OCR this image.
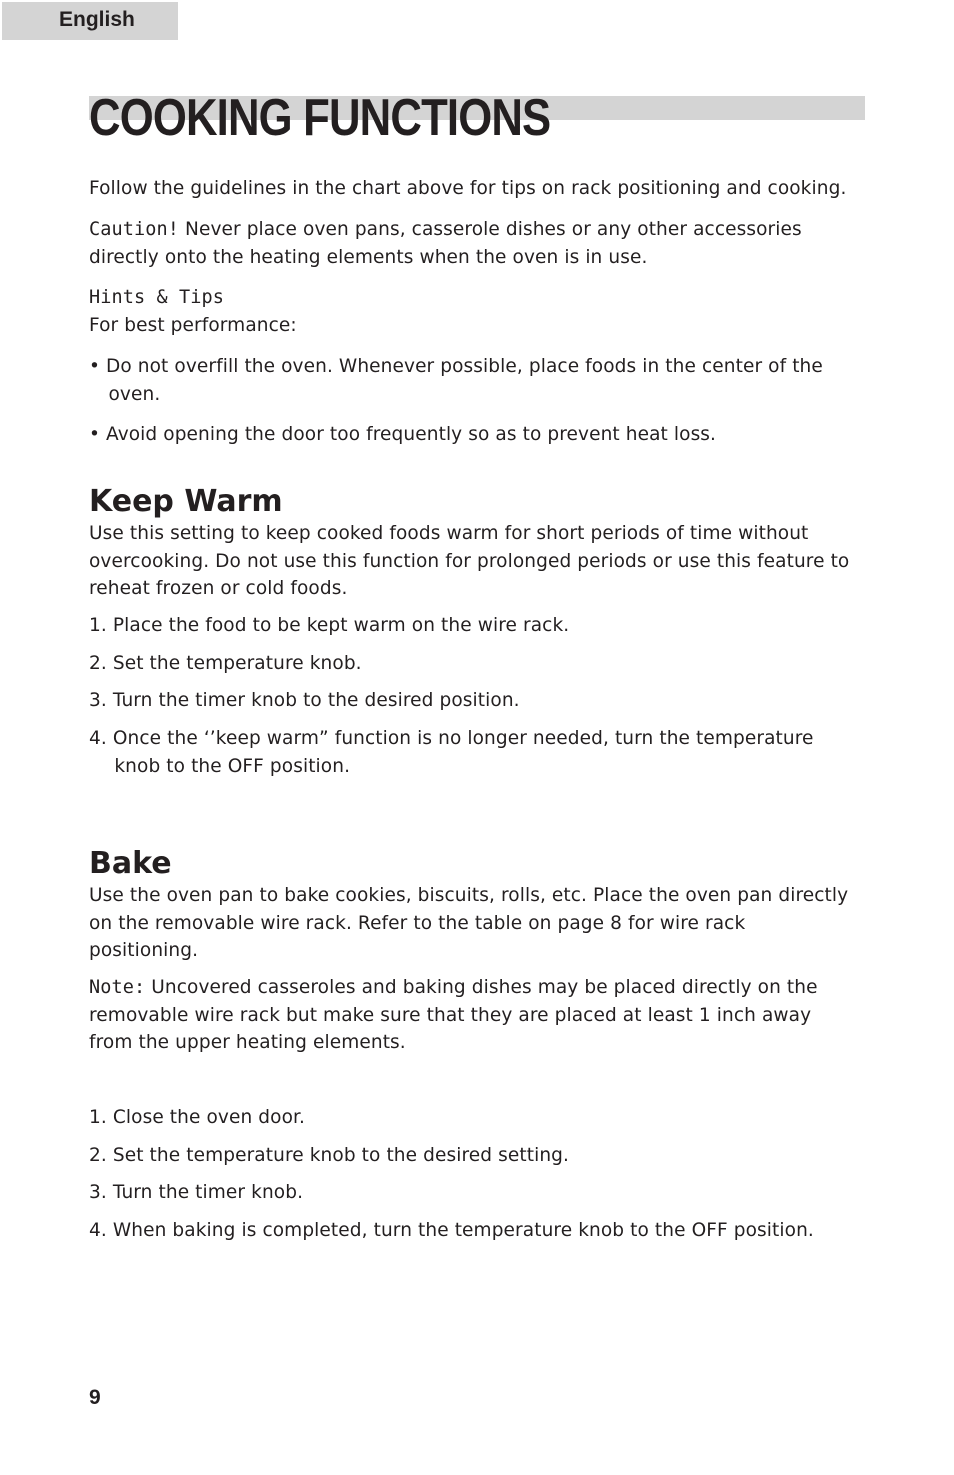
English
COOKING FUNCTIONS

Follow the guidelines in the chart above for tips on rack positioning and cooking.

Caution! Never place oven pans, casserole dishes or any other accessories directly onto the heating elements when the oven is in use.

Hints & Tips

For best performance:

• Do not overfill the oven. Whenever possible, place foods in the center of the oven.

• Avoid opening the door too frequently so as to prevent heat loss.

Keep Warm

Use this setting to keep cooked foods warm for short periods of time without overcooking. Do not use this function for prolonged periods or use this feature to reheat frozen or cold foods.

1. Place the food to be kept warm on the wire rack.

2. Set the temperature knob.

3. Turn the timer knob to the desired position.

4. Once the ‘’keep warm” function is no longer needed, turn the temperature knob to the OFF position.

Bake

Use the oven pan to bake cookies, biscuits, rolls, etc. Place the oven pan directly on the removable wire rack. Refer to the table on page 8 for wire rack positioning.

Note: Uncovered casseroles and baking dishes may be placed directly on the removable wire rack but make sure that they are placed at least 1 inch away from the upper heating elements.

1. Close the oven door.

2. Set the temperature knob to the desired setting.

3. Turn the timer knob.

4. When baking is completed, turn the temperature knob to the OFF position.

9
